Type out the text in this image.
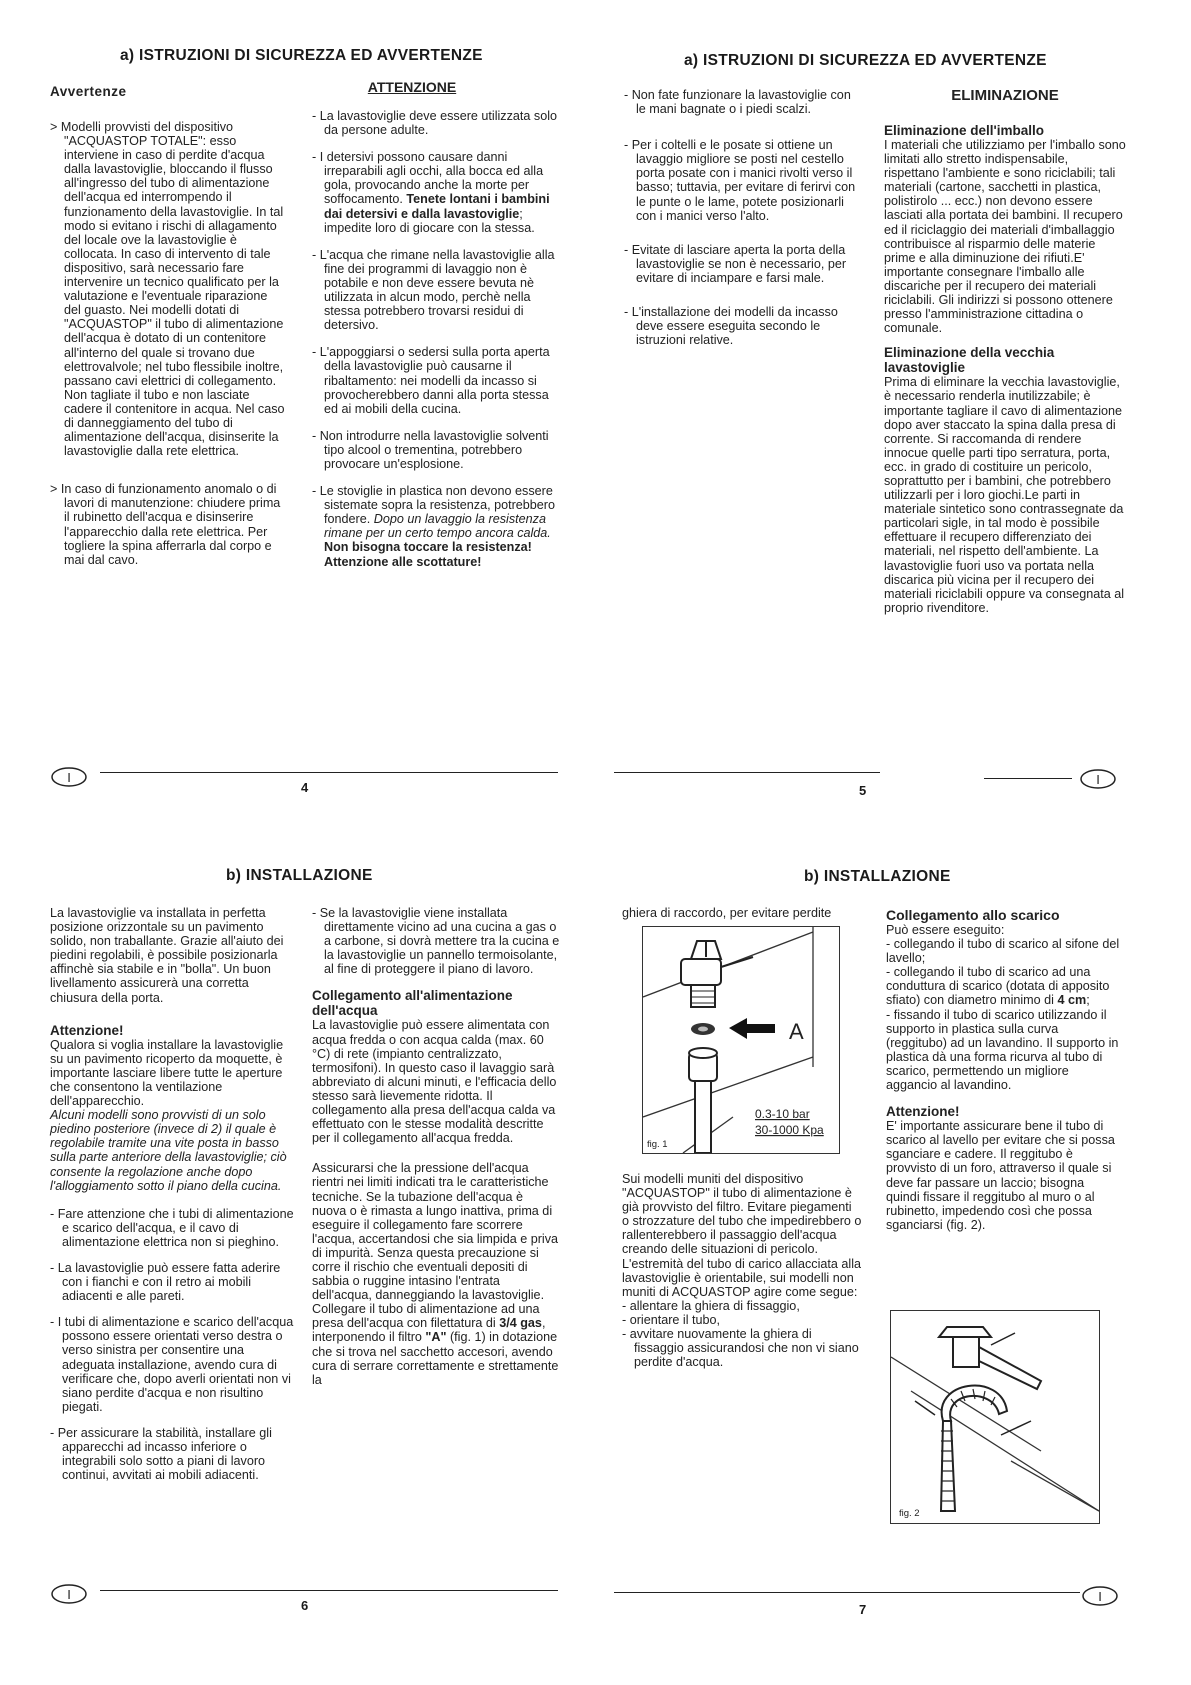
a) ISTRUZIONI DI SICUREZZA ED AVVERTENZE
Avvertenze

> Modelli provvisti del dispositivo "ACQUASTOP TOTALE": esso interviene in caso di perdite d'acqua dalla lavastoviglie, bloccando il flusso all'ingresso del tubo di alimentazione dell'acqua ed interrompendo il funzionamento della lavastoviglie. In tal modo si evitano i rischi di allagamento del locale ove la lavastoviglie è collocata. In caso di intervento di tale dispositivo, sarà necessario fare intervenire un tecnico qualificato per la valutazione e l'eventuale riparazione del guasto. Nei modelli dotati di "ACQUASTOP" il tubo di alimentazione dell'acqua è dotato di un contenitore all'interno del quale si trovano due elettrovalvole; nel tubo flessibile inoltre, passano cavi elettrici di collegamento. Non tagliate il tubo e non lasciate cadere il contenitore in acqua. Nel caso di danneggiamento del tubo di alimentazione dell'acqua, disinserite la lavastoviglie dalla rete elettrica.

> In caso di funzionamento anomalo o di lavori di manutenzione: chiudere prima il rubinetto dell'acqua e disinserire l'apparecchio dalla rete elettrica. Per togliere la spina afferrarla dal corpo e mai dal cavo.

ATTENZIONE

- La lavastoviglie deve essere utilizzata solo da persone adulte.

- I detersivi possono causare danni irreparabili agli occhi, alla bocca ed alla gola, provocando anche la morte per soffocamento. Tenete lontani i bambini dai detersivi e dalla lavastoviglie; impedite loro di giocare con la stessa.

- L'acqua che rimane nella lavastoviglie alla fine dei programmi di lavaggio non è potabile e non deve essere bevuta nè utilizzata in alcun modo, perchè nella stessa potrebbero trovarsi residui di detersivo.

- L'appoggiarsi o sedersi sulla porta aperta della lavastoviglie può causarne il ribaltamento: nei modelli da incasso si provocherebbero danni alla porta stessa ed ai mobili della cucina.

- Non introdurre nella lavastoviglie solventi tipo alcool o trementina, potrebbero provocare un'esplosione.

- Le stoviglie in plastica non devono essere sistemate sopra la resistenza, potrebbero fondere. Dopo un lavaggio la resistenza rimane per un certo tempo ancora calda. Non bisogna toccare la resistenza! Attenzione alle scottature!

I
4
a) ISTRUZIONI DI SICUREZZA ED AVVERTENZE

- Non fate funzionare la lavastoviglie con le mani bagnate o i piedi scalzi.

- Per i coltelli e le posate si ottiene un lavaggio migliore se posti nel cestello porta posate con i manici rivolti verso il basso; tuttavia, per evitare di ferirvi con le punte o le lame, potete posizionarli con i manici verso l'alto.

- Evitate di lasciare aperta la porta della lavastoviglie se non è necessario, per evitare di inciampare e farsi male.

- L'installazione dei modelli da incasso deve essere eseguita secondo le istruzioni relative.

ELIMINAZIONE
Eliminazione dell'imballo

I materiali che utilizziamo per l'imballo sono limitati allo stretto indispensabile, rispettano l'ambiente e sono riciclabili; tali materiali (cartone, sacchetti in plastica, polistirolo ... ecc.) non devono essere lasciati alla portata dei bambini. Il recupero ed il riciclaggio dei materiali d'imballaggio contribuisce al risparmio delle materie prime e alla diminuzione dei rifiuti.E' importante consegnare l'imballo alle discariche per il recupero dei materiali riciclabili. Gli indirizzi si possono ottenere presso l'amministrazione cittadina o comunale.

Eliminazione della vecchia lavastoviglie

Prima di eliminare la vecchia lavastoviglie, è necessario renderla inutilizzabile; è importante tagliare il cavo di alimentazione dopo aver staccato la spina dalla presa di corrente. Si raccomanda di rendere innocue quelle parti tipo serratura, porta, ecc. in grado di costituire un pericolo, soprattutto per i bambini, che potrebbero utilizzarli per i loro giochi.Le parti in materiale sintetico sono contrassegnate da particolari sigle, in tal modo è possibile effettuare il recupero differenziato dei materiali, nel rispetto dell'ambiente. La lavastoviglie fuori uso va portata nella discarica più vicina per il recupero dei materiali riciclabili oppure va consegnata al proprio rivenditore.

I
5
b) INSTALLAZIONE

La lavastoviglie va installata in perfetta posizione orizzontale su un pavimento solido, non traballante. Grazie all'aiuto dei piedini regolabili, è possibile posizionarla affinchè sia stabile e in "bolla". Un buon livellamento assicurerà una corretta chiusura della porta.

Attenzione!

Qualora si voglia installare la lavastoviglie su un pavimento ricoperto da moquette, è importante lasciare libere tutte le aperture che consentono la ventilazione dell'apparecchio.

Alcuni modelli sono provvisti di un solo piedino posteriore (invece di 2) il quale è regolabile tramite una vite posta in basso sulla parte anteriore della lavastoviglie; ciò consente la regolazione anche dopo l'alloggiamento sotto il piano della cucina.

- Fare attenzione che i tubi di alimentazione e scarico dell'acqua, e il cavo di alimentazione elettrica non si pieghino.

- La lavastoviglie può essere fatta aderire con i fianchi e con il retro ai mobili adiacenti e alle pareti.

- I tubi di alimentazione e scarico dell'acqua possono essere orientati verso destra o verso sinistra per consentire una adeguata installazione, avendo cura di verificare che, dopo averli orientati non vi siano perdite d'acqua e non risultino piegati.

- Per assicurare la stabilità, installare gli apparecchi ad incasso inferiore o integrabili solo sotto a piani di lavoro continui, avvitati ai mobili adiacenti.

- Se la lavastoviglie viene installata direttamente vicino ad una cucina a gas o a carbone, si dovrà mettere tra la cucina e la lavastoviglie un pannello termoisolante, al fine di proteggere il piano di lavoro.

Collegamento all'alimentazione dell'acqua

La lavastoviglie può essere alimentata con acqua fredda o con acqua calda (max. 60 °C) di rete (impianto centralizzato, termosifoni). In questo caso il lavaggio sarà abbreviato di alcuni minuti, e l'efficacia dello stesso sarà lievemente ridotta. Il collegamento alla presa dell'acqua calda va effettuato con le stesse modalità descritte per il collegamento all'acqua fredda.

Assicurarsi che la pressione dell'acqua rientri nei limiti indicati tra le caratteristiche tecniche. Se la tubazione dell'acqua è nuova o è rimasta a lungo inattiva, prima di eseguire il collegamento fare scorrere l'acqua, accertandosi che sia limpida e priva di impurità. Senza questa precauzione si corre il rischio che eventuali depositi di sabbia o ruggine intasino l'entrata dell'acqua, danneggiando la lavastoviglie. Collegare il tubo di alimentazione ad una presa dell'acqua con filettatura di 3/4 gas, interponendo il filtro "A" (fig. 1) in dotazione che si trova nel sacchetto accesori, avendo cura di serrare correttamente e strettamente la

I
6
b) INSTALLAZIONE

ghiera di raccordo, per evitare perdite

A
0.3-10 bar
30-1000 Kpa
fig. 1

Sui modelli muniti del dispositivo "ACQUASTOP" il tubo di alimentazione è già provvisto del filtro. Evitare piegamenti o strozzature del tubo che impedirebbero o rallenterebbero il passaggio dell'acqua creando delle situazioni di pericolo. L'estremità del tubo di carico allacciata alla lavastoviglie è orientabile, sui modelli non muniti di ACQUASTOP agire come segue:

- allentare la ghiera di fissaggio,
- orientare il tubo,
- avvitare nuovamente la ghiera di fissaggio assicurandosi che non vi siano perdite d'acqua.
Collegamento allo scarico
Può essere eseguito:
- collegando il tubo di scarico al sifone del lavello;
- collegando il tubo di scarico ad una conduttura di scarico (dotata di apposito sfiato) con diametro minimo di 4 cm;

- fissando il tubo di scarico utilizzando il supporto in plastica sulla curva (reggitubo) ad un lavandino. Il supporto in plastica dà una forma ricurva al tubo di scarico, permettendo un migliore aggancio al lavandino.

Attenzione!

E' importante assicurare bene il tubo di scarico al lavello per evitare che si possa sganciare e cadere. Il reggitubo è provvisto di un foro, attraverso il quale si deve far passare un laccio; bisogna quindi fissare il reggitubo al muro o al rubinetto, impedendo così che possa sganciarsi (fig. 2).

fig. 2
I
7
